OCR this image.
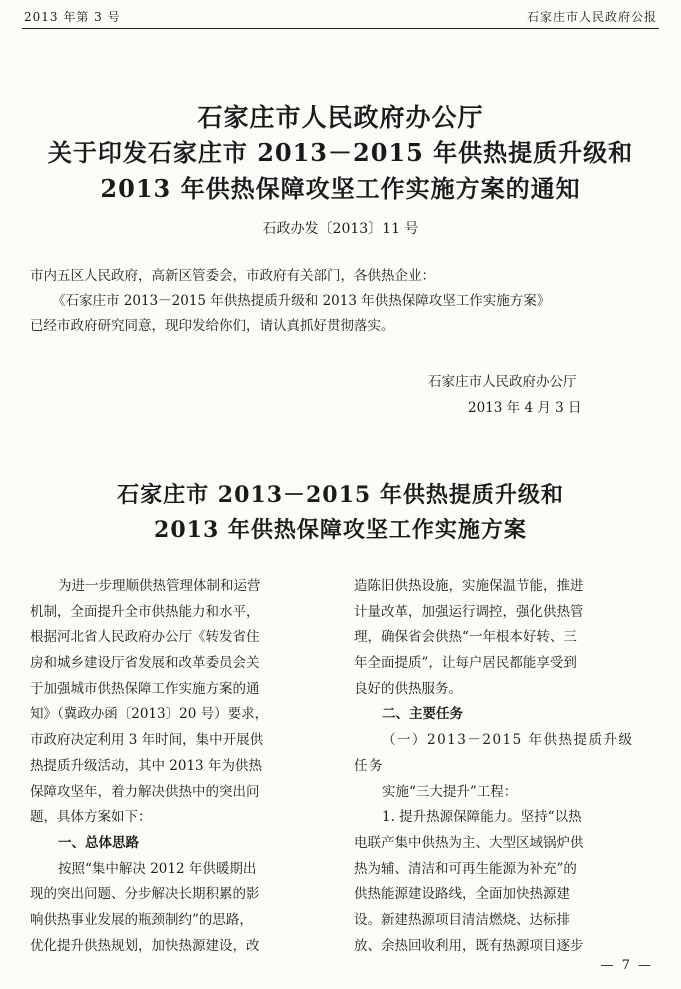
2013 年第 3 号	石家庄市人民政府公报
石家庄市人民政府办公厅
关于印发石家庄市 2013－2015 年供热提质升级和
2013 年供热保障攻坚工作实施方案的通知
石政办发〔2013〕11 号
市内五区人民政府，高新区管委会，市政府有关部门，各供热企业：
《石家庄市 2013－2015 年供热提质升级和 2013 年供热保障攻坚工作实施方案》
已经市政府研究同意，现印发给你们，请认真抓好贯彻落实。
石家庄市人民政府办公厅
2013 年 4 月 3 日
石家庄市 2013－2015 年供热提质升级和
2013 年供热保障攻坚工作实施方案
为进一步理顺供热管理体制和运营
机制，全面提升全市供热能力和水平，
根据河北省人民政府办公厅《转发省住
房和城乡建设厅省发展和改革委员会关
于加强城市供热保障工作实施方案的通
知》（冀政办函〔2013〕20 号）要求，
市政府决定利用 3 年时间，集中开展供
热提质升级活动，其中 2013 年为供热
保障攻坚年，着力解决供热中的突出问
题，具体方案如下：
一、总体思路
按照“集中解决 2012 年供暖期出
现的突出问题、分步解决长期积累的影
响供热事业发展的瓶颈制约”的思路，
优化提升供热规划，加快热源建设，改
造陈旧供热设施，实施保温节能，推进
计量改革，加强运行调控，强化供热管
理，确保省会供热“一年根本好转、三
年全面提质”，让每户居民都能享受到
良好的供热服务。
二、主要任务
（一）2013－2015 年供热提质升级
任务
实施“三大提升”工程：
1. 提升热源保障能力。坚持“以热
电联产集中供热为主、大型区域锅炉供
热为辅、清洁和可再生能源为补充”的
供热能源建设路线，全面加快热源建
设。新建热源项目清洁燃烧、达标排
放、余热回收利用，既有热源项目逐步
— 7 —
